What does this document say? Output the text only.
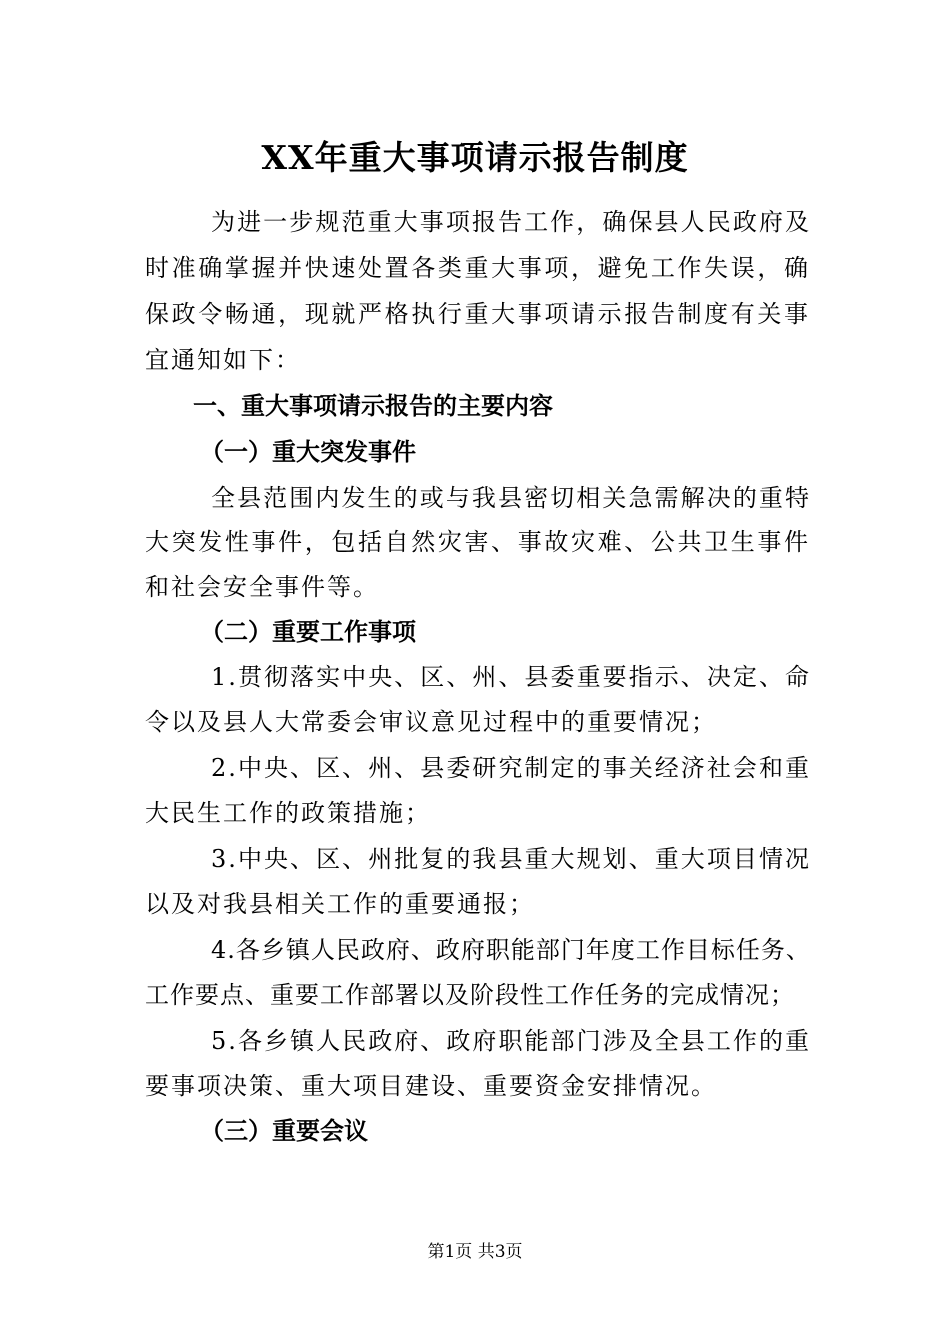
XX年重大事项请示报告制度
为进一步规范重大事项报告工作，确保县人民政府及
时准确掌握并快速处置各类重大事项，避免工作失误，确
保政令畅通，现就严格执行重大事项请示报告制度有关事
宜通知如下：
一、重大事项请示报告的主要内容
（一）重大突发事件
全县范围内发生的或与我县密切相关急需解决的重特
大突发性事件，包括自然灾害、事故灾难、公共卫生事件
和社会安全事件等。
（二）重要工作事项
1.贯彻落实中央、区、州、县委重要指示、决定、命
令以及县人大常委会审议意见过程中的重要情况；
2.中央、区、州、县委研究制定的事关经济社会和重
大民生工作的政策措施；
3.中央、区、州批复的我县重大规划、重大项目情况
以及对我县相关工作的重要通报；
4.各乡镇人民政府、政府职能部门年度工作目标任务、
工作要点、重要工作部署以及阶段性工作任务的完成情况；
5.各乡镇人民政府、政府职能部门涉及全县工作的重
要事项决策、重大项目建设、重要资金安排情况。
（三）重要会议
第1页 共3页
